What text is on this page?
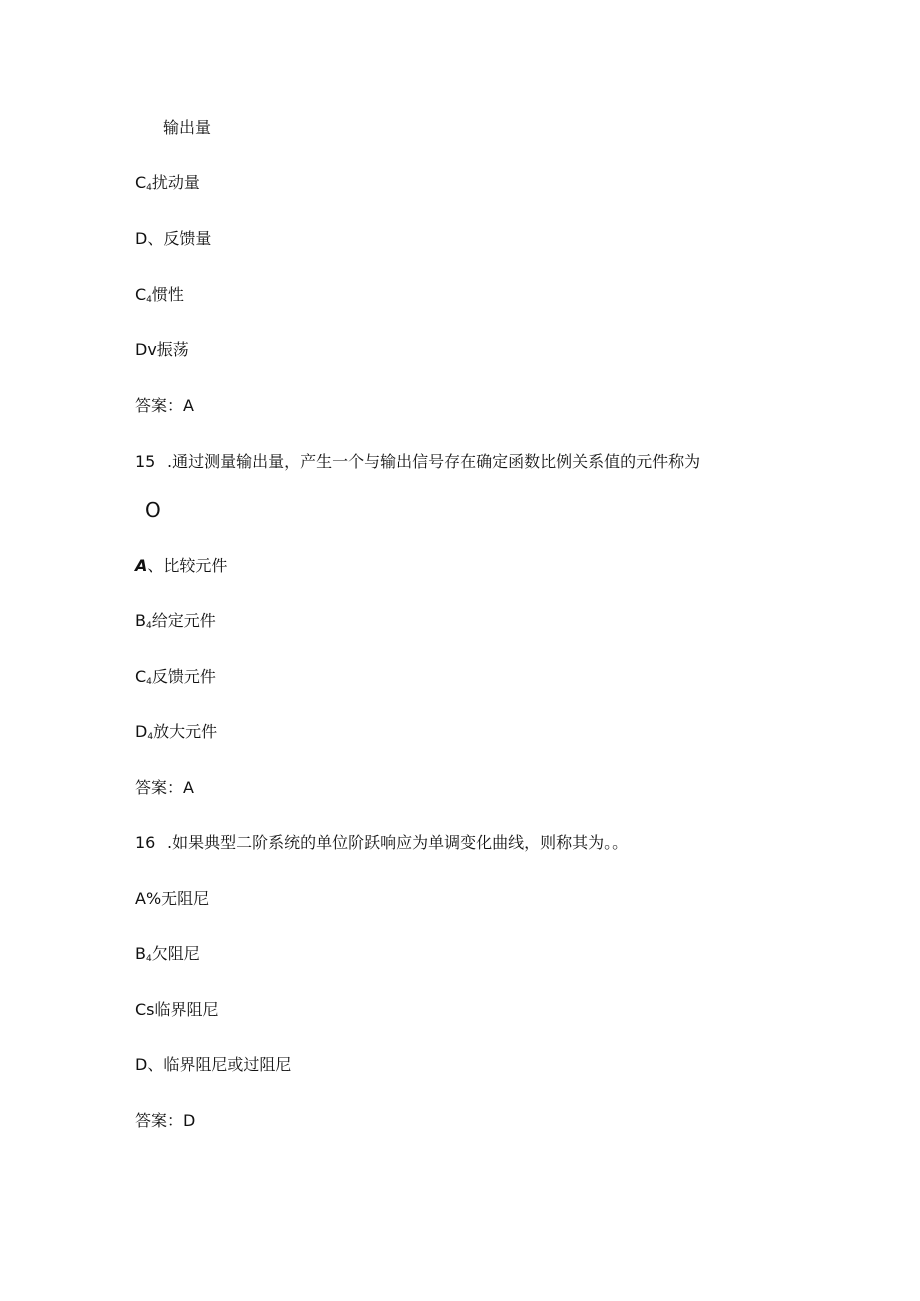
输出量
$C_4$扰动量
D、反馈量
$C_4$惯性
Dv振荡
答案：A
15 .通过测量输出量，产生一个与输出信号存在确定函数比例关系值的元件称为
O
A、比较元件
$B_4$给定元件
$C_4$反馈元件
$D_4$放大元件
答案：A
16 .如果典型二阶系统的单位阶跃响应为单调变化曲线，则称其为。。
A%无阻尼
$B_4$欠阻尼
Cs临界阻尼
D、临界阻尼或过阻尼
答案：D
